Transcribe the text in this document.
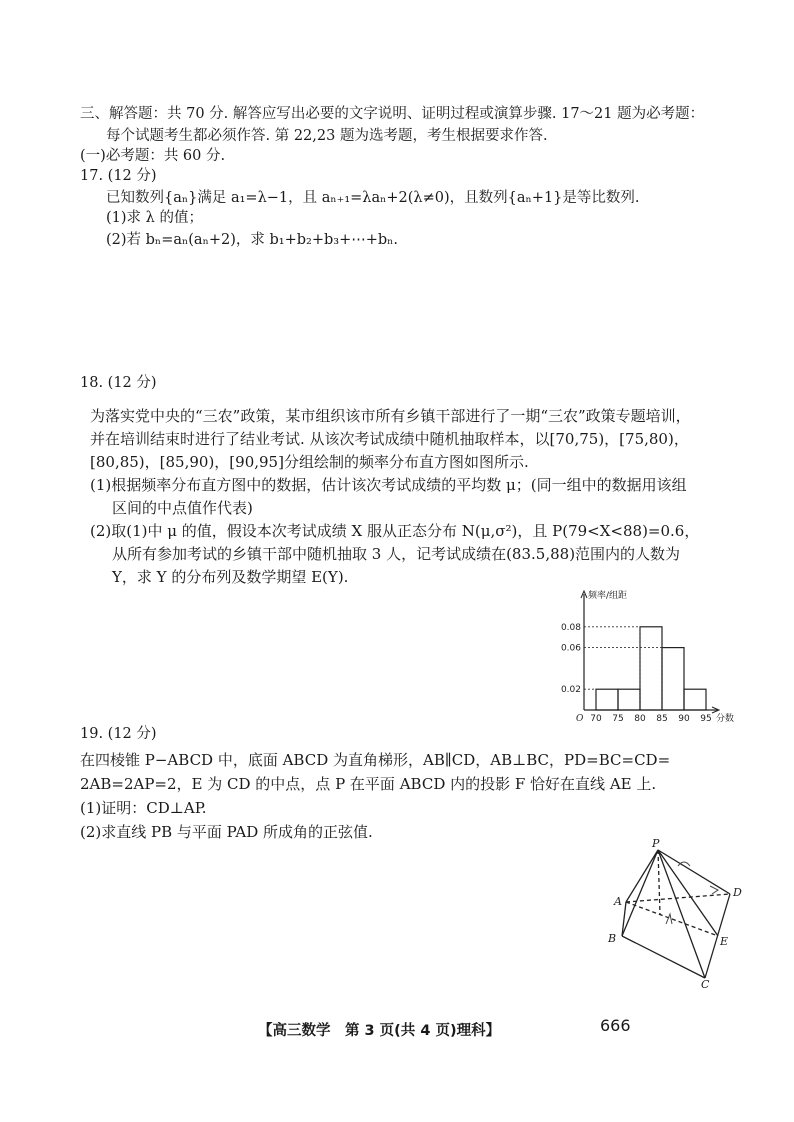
三、解答题：共 70 分. 解答应写出必要的文字说明、证明过程或演算步骤. 17～21 题为必考题：
每个试题考生都必须作答. 第 22,23 题为选考题，考生根据要求作答.
(一)必考题：共 60 分.
17. (12 分)
已知数列{aₙ}满足 a₁=λ−1，且 aₙ₊₁=λaₙ+2(λ≠0)，且数列{aₙ+1}是等比数列.
(1)求 λ 的值；
(2)若 bₙ=aₙ(aₙ+2)，求 b₁+b₂+b₃+⋯+bₙ.
18. (12 分)
为落实党中央的“三农”政策，某市组织该市所有乡镇干部进行了一期“三农”政策专题培训，
并在培训结束时进行了结业考试. 从该次考试成绩中随机抽取样本，以[70,75)，[75,80)，
[80,85)，[85,90)，[90,95]分组绘制的频率分布直方图如图所示.
(1)根据频率分布直方图中的数据，估计该次考试成绩的平均数 μ；(同一组中的数据用该组
区间的中点值作代表)
(2)取(1)中 μ 的值，假设本次考试成绩 X 服从正态分布 N(μ,σ²)，且 P(79<X<88)=0.6，
从所有参加考试的乡镇干部中随机抽取 3 人，记考试成绩在(83.5,88)范围内的人数为
Y，求 Y 的分布列及数学期望 E(Y).
0.02
0.06
0.08
70 75 80 85 90 95
O
频率/组距
分数
19. (12 分)
在四棱锥 P−ABCD 中，底面 ABCD 为直角梯形，AB∥CD，AB⊥BC，PD=BC=CD=
2AB=2AP=2，E 为 CD 的中点，点 P 在平面 ABCD 内的投影 F 恰好在直线 AE 上.
(1)证明：CD⊥AP.
(2)求直线 PB 与平面 PAD 所成角的正弦值.
P
A
B
C
D
E
【高三数学　第 3 页(共 4 页)理科】	666
